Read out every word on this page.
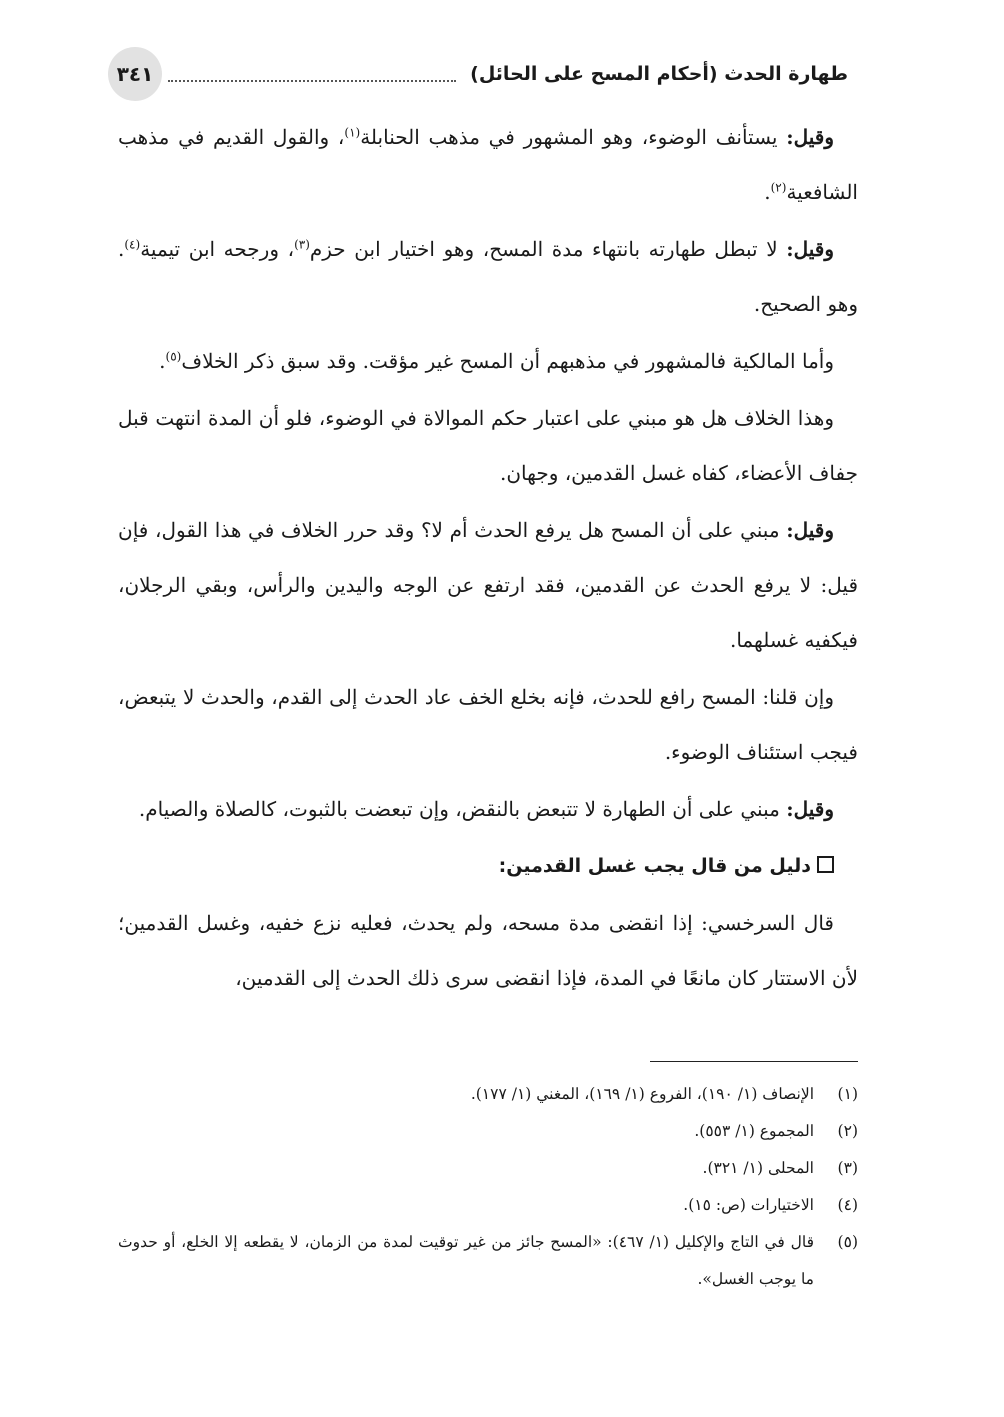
طهارة الحدث (أحكام المسح على الحائل)
٣٤١

وقيل: يستأنف الوضوء، وهو المشهور في مذهب الحنابلة$^{(١)}$، والقول القديم في مذهب الشافعية$^{(٢)}$.

وقيل: لا تبطل طهارته بانتهاء مدة المسح، وهو اختيار ابن حزم$^{(٣)}$، ورجحه ابن تيمية$^{(٤)}$. وهو الصحيح.

وأما المالكية فالمشهور في مذهبهم أن المسح غير مؤقت. وقد سبق ذكر الخلاف$^{(٥)}$.

وهذا الخلاف هل هو مبني على اعتبار حكم الموالاة في الوضوء، فلو أن المدة انتهت قبل جفاف الأعضاء، كفاه غسل القدمين، وجهان.

وقيل: مبني على أن المسح هل يرفع الحدث أم لا؟ وقد حرر الخلاف في هذا القول، فإن قيل: لا يرفع الحدث عن القدمين، فقد ارتفع عن الوجه واليدين والرأس، وبقي الرجلان، فيكفيه غسلهما.

وإن قلنا: المسح رافع للحدث، فإنه بخلع الخف عاد الحدث إلى القدم، والحدث لا يتبعض، فيجب استئناف الوضوء.

وقيل: مبني على أن الطهارة لا تتبعض بالنقض، وإن تبعضت بالثبوت، كالصلاة والصيام.

دليل من قال يجب غسل القدمين:

قال السرخسي: إذا انقضى مدة مسحه، ولم يحدث، فعليه نزع خفيه، وغسل القدمين؛ لأن الاستتار كان مانعًا في المدة، فإذا انقضى سرى ذلك الحدث إلى القدمين،

(١)
الإنصاف (١/ ١٩٠)، الفروع (١/ ١٦٩)، المغني (١/ ١٧٧).
(٢)
المجموع (١/ ٥٥٣).
(٣)
المحلى (١/ ٣٢١).
(٤)
الاختيارات (ص: ١٥).
(٥)
قال في التاج والإكليل (١/ ٤٦٧): «المسح جائز من غير توقيت لمدة من الزمان، لا يقطعه إلا الخلع، أو حدوث ما يوجب الغسل».
